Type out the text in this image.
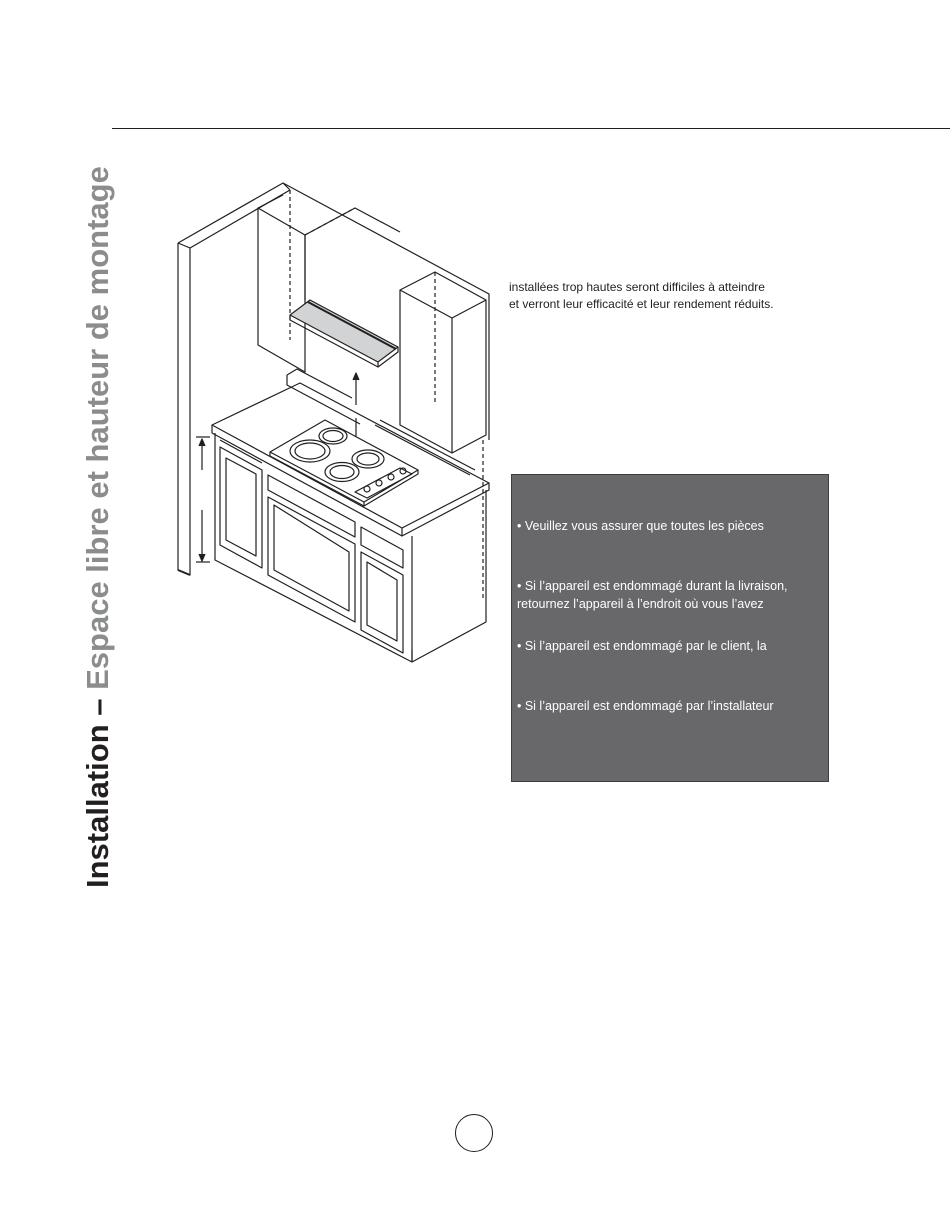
Installation – Espace libre et hauteur de montage	installées trop hautes seront difficiles à atteindre

et verront leur efficacité et leur rendement réduits.

• Veuillez vous assurer que toutes les pièces

• Si l’appareil est endommagé durant la livraison,

retournez l’appareil à l’endroit où vous l’avez

• Si l’appareil est endommagé par le client, la

• Si l’appareil est endommagé par l’installateur
